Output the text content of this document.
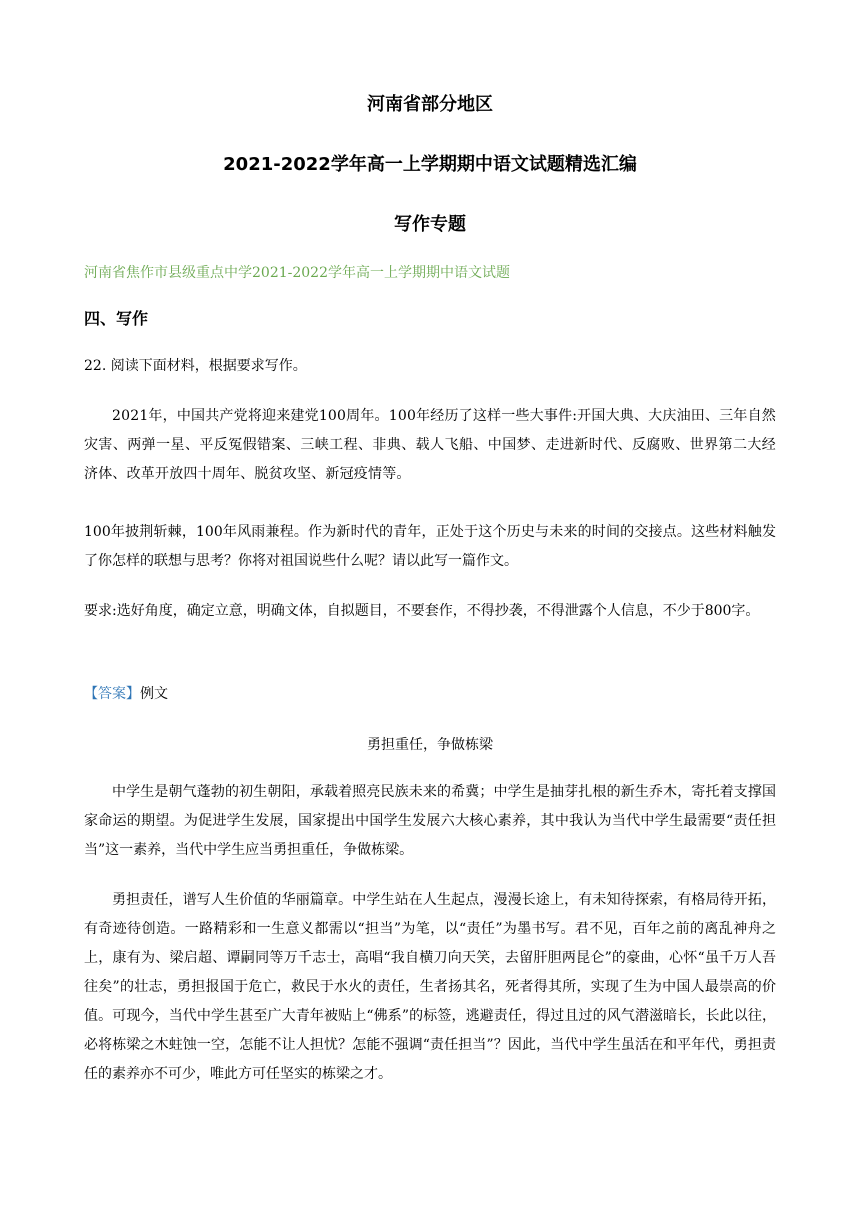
河南省部分地区
2021-2022学年高一上学期期中语文试题精选汇编
写作专题

河南省焦作市县级重点中学2021-2022学年高一上学期期中语文试题

四、写作

22. 阅读下面材料，根据要求写作。

2021年，中国共产党将迎来建党100周年。100年经历了这样一些大事件:开国大典、大庆油田、三年自然灾害、两弹一星、平反冤假错案、三峡工程、非典、载人飞船、中国梦、走进新时代、反腐败、世界第二大经济体、改革开放四十周年、脱贫攻坚、新冠疫情等。

100年披荆斩棘，100年风雨兼程。作为新时代的青年，正处于这个历史与未来的时间的交接点。这些材料触发了你怎样的联想与思考？你将对祖国说些什么呢？请以此写一篇作文。

要求:选好角度，确定立意，明确文体，自拟题目，不要套作，不得抄袭，不得泄露个人信息，不少于800字。

【答案】例文

勇担重任，争做栋梁

中学生是朝气蓬勃的初生朝阳，承载着照亮民族未来的希冀；中学生是抽芽扎根的新生乔木，寄托着支撑国家命运的期望。为促进学生发展，国家提出中国学生发展六大核心素养，其中我认为当代中学生最需要“责任担当”这一素养，当代中学生应当勇担重任，争做栋梁。

勇担责任，谱写人生价值的华丽篇章。中学生站在人生起点，漫漫长途上，有未知待探索，有格局待开拓，有奇迹待创造。一路精彩和一生意义都需以“担当”为笔，以“责任”为墨书写。君不见，百年之前的离乱神舟之上，康有为、梁启超、谭嗣同等万千志士，高唱“我自横刀向天笑，去留肝胆两昆仑”的豪曲，心怀“虽千万人吾往矣”的壮志，勇担报国于危亡，救民于水火的责任，生者扬其名，死者得其所，实现了生为中国人最崇高的价值。可现今，当代中学生甚至广大青年被贴上“佛系”的标签，逃避责任，得过且过的风气潜滋暗长，长此以往，必将栋梁之木蛀蚀一空，怎能不让人担忧？怎能不强调“责任担当”？因此，当代中学生虽活在和平年代，勇担责任的素养亦不可少，唯此方可任坚实的栋梁之才。
